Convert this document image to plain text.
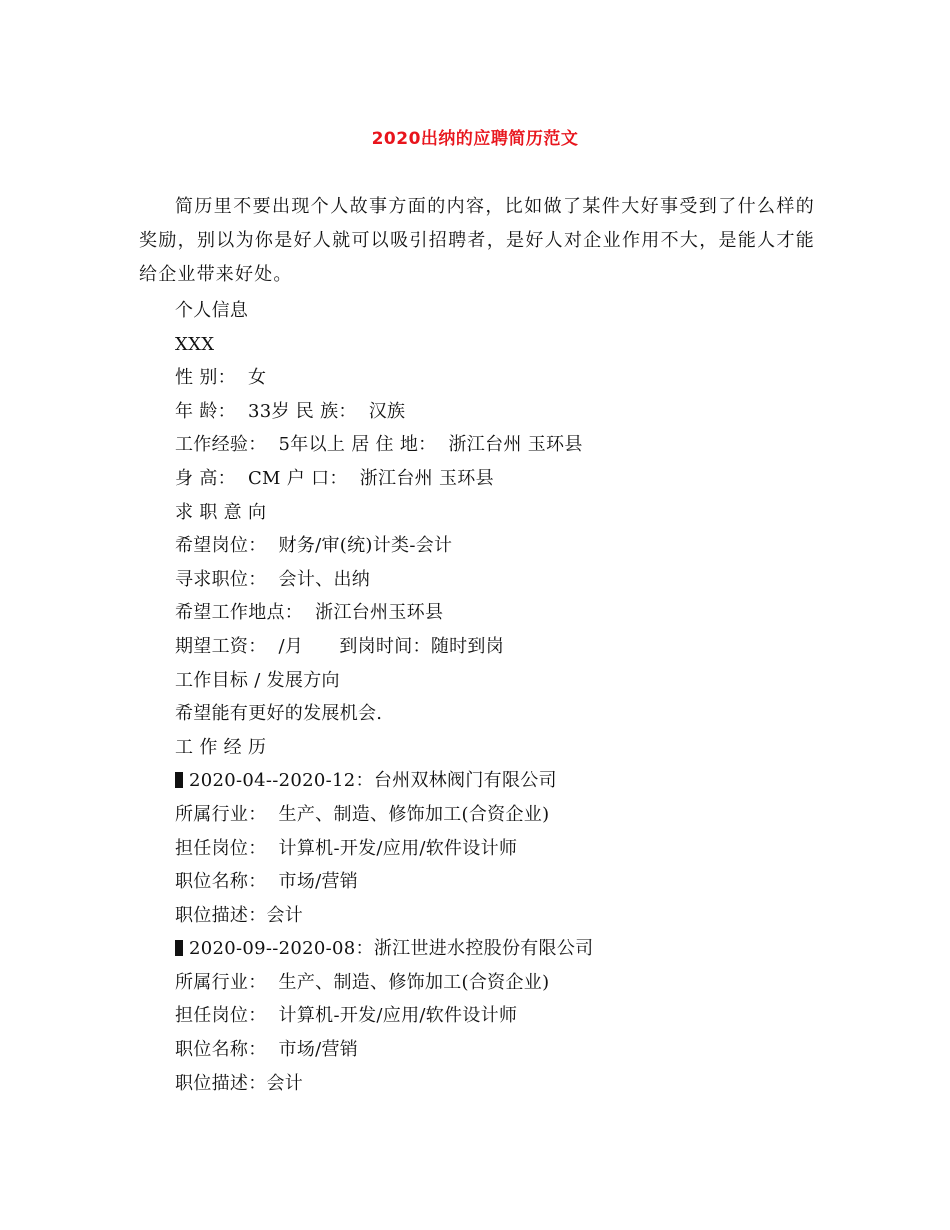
2020出纳的应聘简历范文
简历里不要出现个人故事方面的内容，比如做了某件大好事受到了什么样的奖励，别以为你是好人就可以吸引招聘者，是好人对企业作用不大，是能人才能给企业带来好处。
个人信息
XXX
性 别：  女
年 龄：  33岁 民 族：  汉族
工作经验：  5年以上 居 住 地：  浙江台州 玉环县
身 高：  CM 户 口：  浙江台州 玉环县
求 职 意 向
希望岗位：  财务/审(统)计类-会计
寻求职位：  会计、出纳
希望工作地点：  浙江台州玉环县
期望工资：  /月      到岗时间：随时到岗
工作目标 / 发展方向
希望能有更好的发展机会.
工 作 经 历
2020-04--2020-12：台州双林阀门有限公司
所属行业：  生产、制造、修饰加工(合资企业)
担任岗位：  计算机-开发/应用/软件设计师
职位名称：  市场/营销
职位描述：会计
2020-09--2020-08：浙江世进水控股份有限公司
所属行业：  生产、制造、修饰加工(合资企业)
担任岗位：  计算机-开发/应用/软件设计师
职位名称：  市场/营销
职位描述：会计
